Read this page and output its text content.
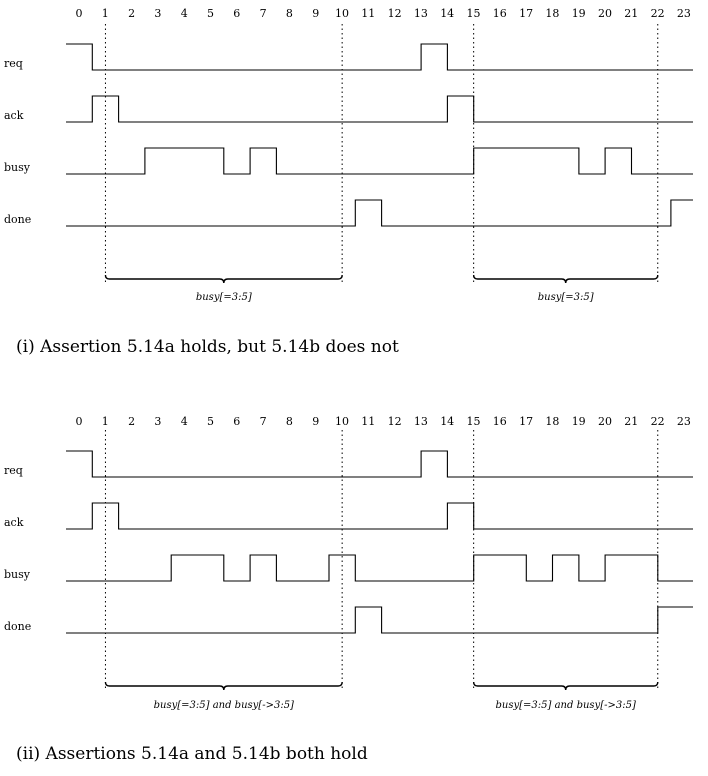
0 1 2 3 4 5 6 7 8 9 10 11 12 13 14 15 16 17 18 19 20 21 22 23
req
ack
busy
done
busy[=3:5]	busy[=3:5]
0 1 2 3 4 5 6 7 8 9 10 11 12 13 14 15 16 17 18 19 20 21 22 23
req
ack
busy
done
busy[=3:5] and busy[->3:5]	busy[=3:5] and busy[->3:5]
(i) Assertion 5.14a holds, but 5.14b does not
(ii) Assertions 5.14a and 5.14b both hold
